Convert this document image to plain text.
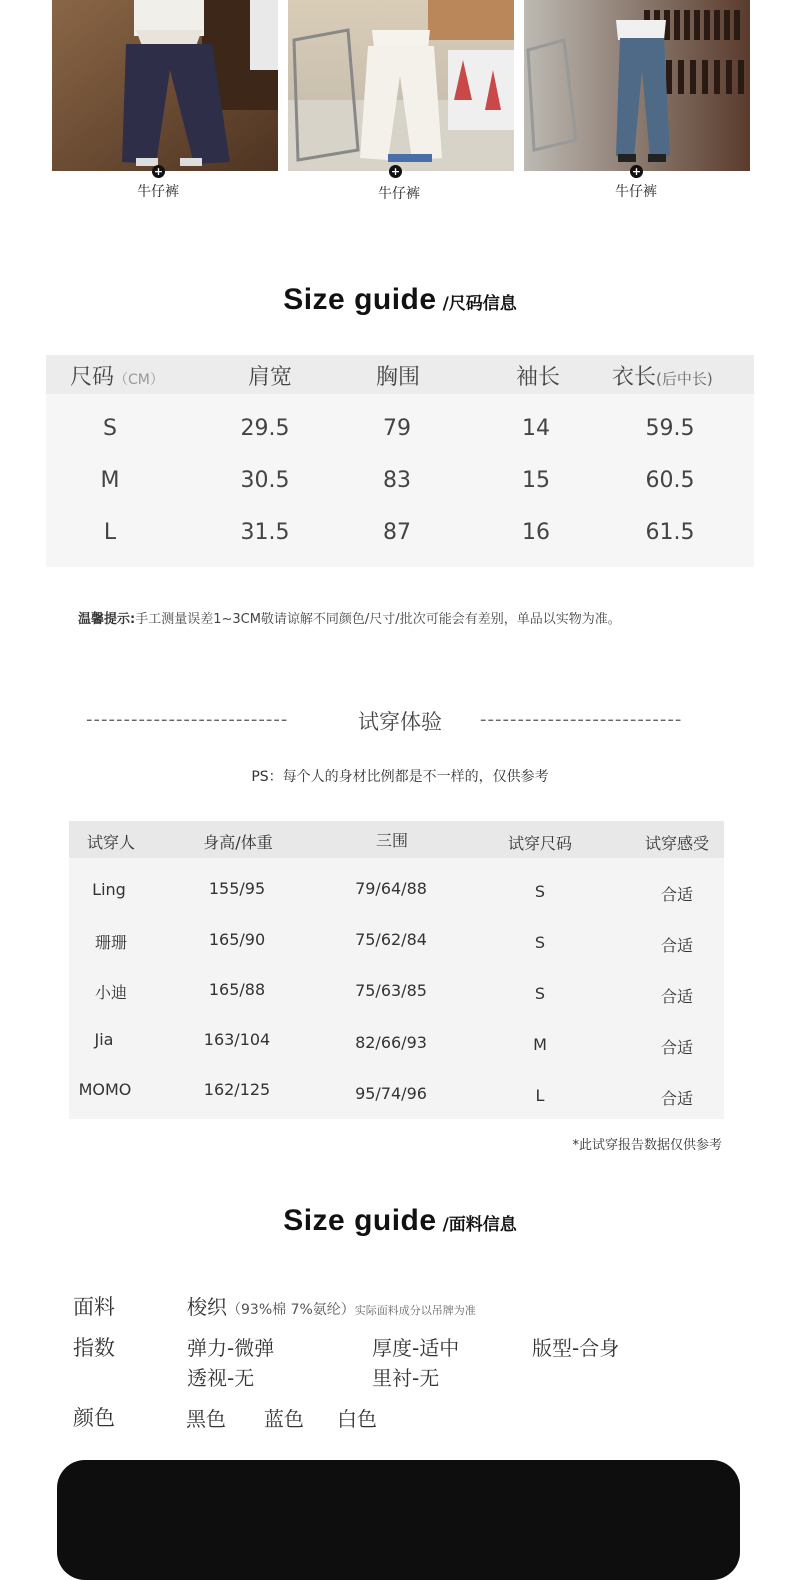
+
牛仔裤
+
牛仔裤
+
牛仔裤
Size guide /尺码信息
尺码（CM）	肩宽	胸围	袖长	衣长(后中长)
S	29.5	79	14	59.5
M	30.5	83	15	60.5
L	31.5	87	16	61.5
温馨提示:手工测量误差1~3CM敬请谅解不同颜色/尺寸/批次可能会有差别，单品以实物为准。
---------------------------	试穿体验	---------------------------
PS：每个人的身材比例都是不一样的，仅供参考
试穿人	身高/体重	三围	试穿尺码	试穿感受
Ling	155/95	79/64/88	S	合适
珊珊	165/90	75/62/84	S	合适
小迪	165/88	75/63/85	S	合适
Jia	163/104	82/66/93	M	合适
MOMO	162/125	95/74/96	L	合适
*此试穿报告数据仅供参考
Size guide /面料信息
面料	梭织（93%棉 7%氨纶）实际面料成分以吊牌为准
指数	弹力-微弹	厚度-适中	版型-合身
透视-无	里衬-无
颜色	黑色 蓝色 白色
